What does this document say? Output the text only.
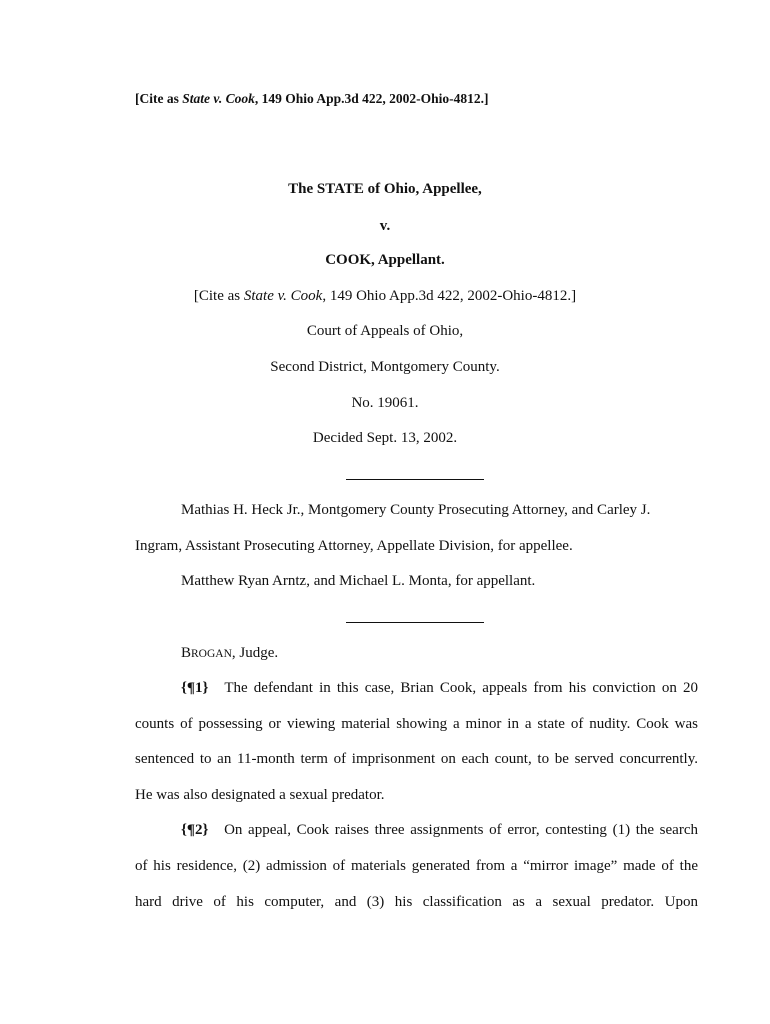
[Cite as State v. Cook, 149 Ohio App.3d 422, 2002-Ohio-4812.]
The STATE of Ohio, Appellee,
v.
COOK, Appellant.
[Cite as State v. Cook, 149 Ohio App.3d 422, 2002-Ohio-4812.]
Court of Appeals of Ohio,
Second District, Montgomery County.
No. 19061.
Decided Sept. 13, 2002.
Mathias H. Heck Jr., Montgomery County Prosecuting Attorney, and Carley J.
Ingram, Assistant Prosecuting Attorney, Appellate Division, for appellee.
Matthew Ryan Arntz, and Michael L. Monta, for appellant.
BROGAN, Judge.
{¶1} The defendant in this case, Brian Cook, appeals from his conviction on 20
counts of possessing or viewing material showing a minor in a state of nudity. Cook was
sentenced to an 11-month term of imprisonment on each count, to be served concurrently.
He was also designated a sexual predator.
{¶2} On appeal, Cook raises three assignments of error, contesting (1) the search
of his residence, (2) admission of materials generated from a “mirror image” made of the
hard drive of his computer, and (3) his classification as a sexual predator. Upon
